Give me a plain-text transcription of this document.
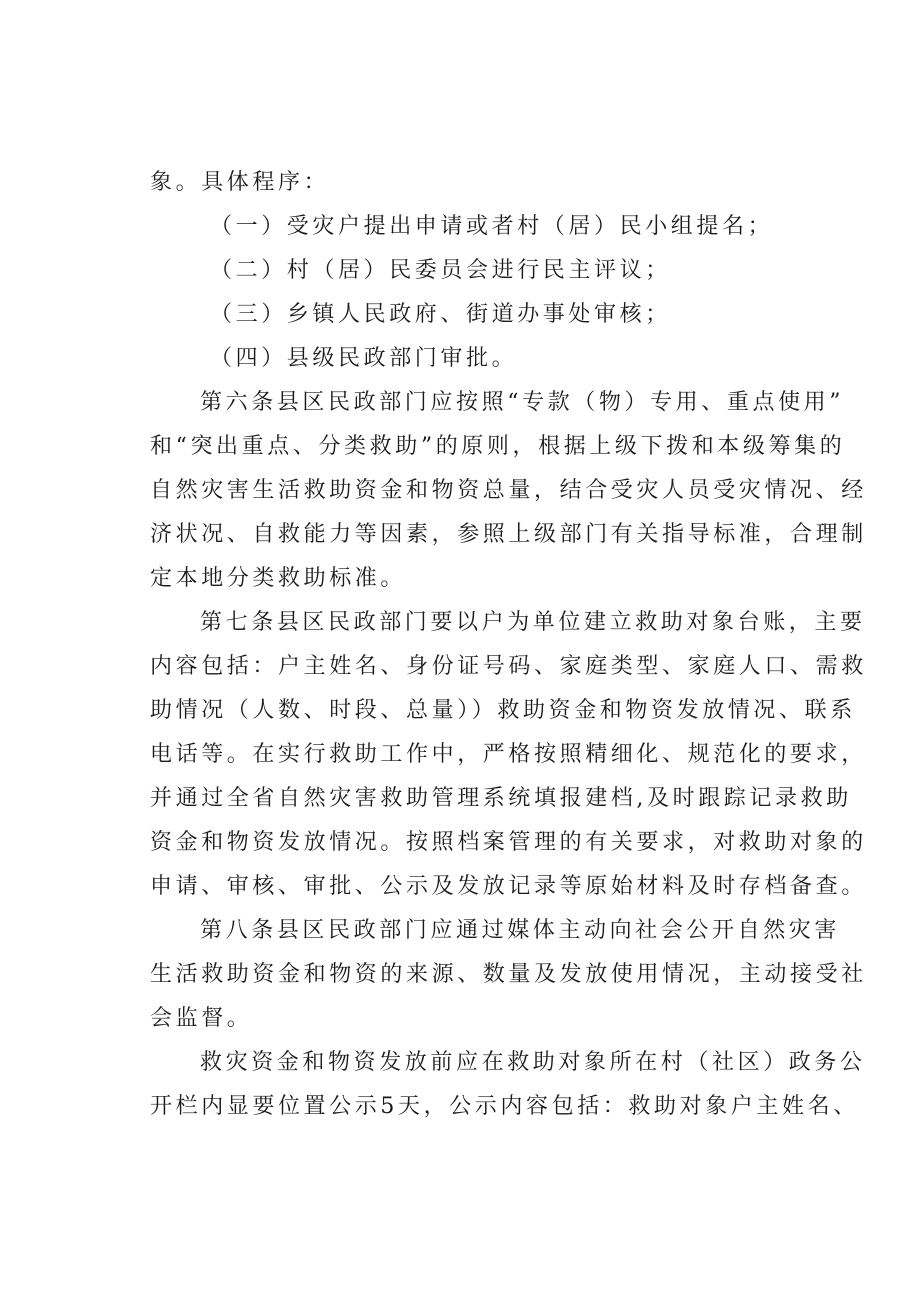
象。具体程序：
（一）受灾户提出申请或者村（居）民小组提名；
（二）村（居）民委员会进行民主评议；
（三）乡镇人民政府、街道办事处审核；
（四）县级民政部门审批。
第六条县区民政部门应按照“专款（物）专用、重点使用”
和“突出重点、分类救助”的原则，根据上级下拨和本级筹集的
自然灾害生活救助资金和物资总量，结合受灾人员受灾情况、经
济状况、自救能力等因素，参照上级部门有关指导标准，合理制
定本地分类救助标准。
第七条县区民政部门要以户为单位建立救助对象台账，主要
内容包括：户主姓名、身份证号码、家庭类型、家庭人口、需救
助情况（人数、时段、总量））救助资金和物资发放情况、联系
电话等。在实行救助工作中，严格按照精细化、规范化的要求，
并通过全省自然灾害救助管理系统填报建档,及时跟踪记录救助
资金和物资发放情况。按照档案管理的有关要求，对救助对象的
申请、审核、审批、公示及发放记录等原始材料及时存档备查。
第八条县区民政部门应通过媒体主动向社会公开自然灾害
生活救助资金和物资的来源、数量及发放使用情况，主动接受社
会监督。
救灾资金和物资发放前应在救助对象所在村（社区）政务公
开栏内显要位置公示5天，公示内容包括：救助对象户主姓名、
